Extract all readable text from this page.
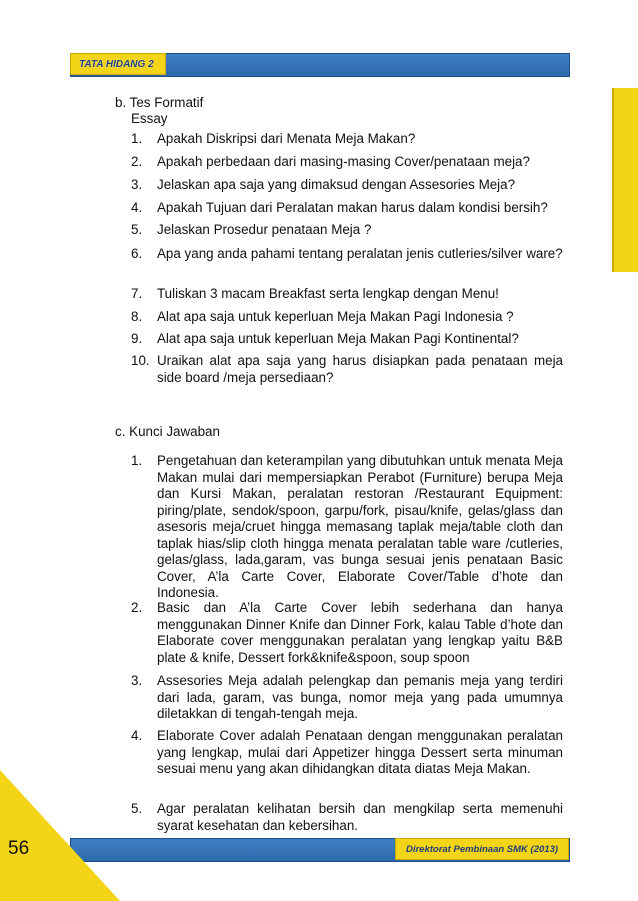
TATA HIDANG 2
b. Tes Formatif
Essay
1. Apakah Diskripsi dari Menata Meja Makan?
2. Apakah perbedaan dari masing-masing Cover/penataan meja?
3. Jelaskan apa saja yang dimaksud dengan Assesories Meja?
4. Apakah Tujuan dari Peralatan makan harus dalam kondisi bersih?
5. Jelaskan Prosedur penataan Meja ?
6. Apa yang anda pahami tentang peralatan jenis cutleries/silver ware?
7. Tuliskan 3 macam Breakfast serta lengkap dengan Menu!
8. Alat apa saja untuk keperluan Meja Makan Pagi Indonesia ?
9. Alat apa saja untuk keperluan Meja Makan Pagi Kontinental?
10. Uraikan alat apa saja yang harus disiapkan pada penataan meja side board /meja persediaan?
c. Kunci Jawaban
1. Pengetahuan dan keterampilan yang dibutuhkan untuk menata Meja Makan mulai dari mempersiapkan Perabot (Furniture) berupa Meja dan Kursi Makan, peralatan restoran /Restaurant Equipment: piring/plate, sendok/spoon, garpu/fork, pisau/knife, gelas/glass dan asesoris meja/cruet hingga memasang taplak meja/table cloth dan taplak hias/slip cloth hingga menata peralatan table ware /cutleries, gelas/glass, lada,garam, vas bunga sesuai jenis penataan Basic Cover, A’la Carte Cover, Elaborate Cover/Table d’hote dan Indonesia.
2. Basic dan A’la Carte Cover lebih sederhana dan hanya menggunakan Dinner Knife dan Dinner Fork, kalau Table d’hote dan Elaborate cover menggunakan peralatan yang lengkap yaitu B&B plate & knife, Dessert fork&knife&spoon, soup spoon
3. Assesories Meja adalah pelengkap dan pemanis meja yang terdiri dari lada, garam, vas bunga, nomor meja yang pada umumnya diletakkan di tengah-tengah meja.
4. Elaborate Cover adalah Penataan dengan menggunakan peralatan yang lengkap, mulai dari Appetizer hingga Dessert serta minuman sesuai menu yang akan dihidangkan ditata diatas Meja Makan.
5. Agar peralatan kelihatan bersih dan mengkilap serta memenuhi syarat kesehatan dan kebersihan.
Direktorat Pembinaan SMK (2013)
56
